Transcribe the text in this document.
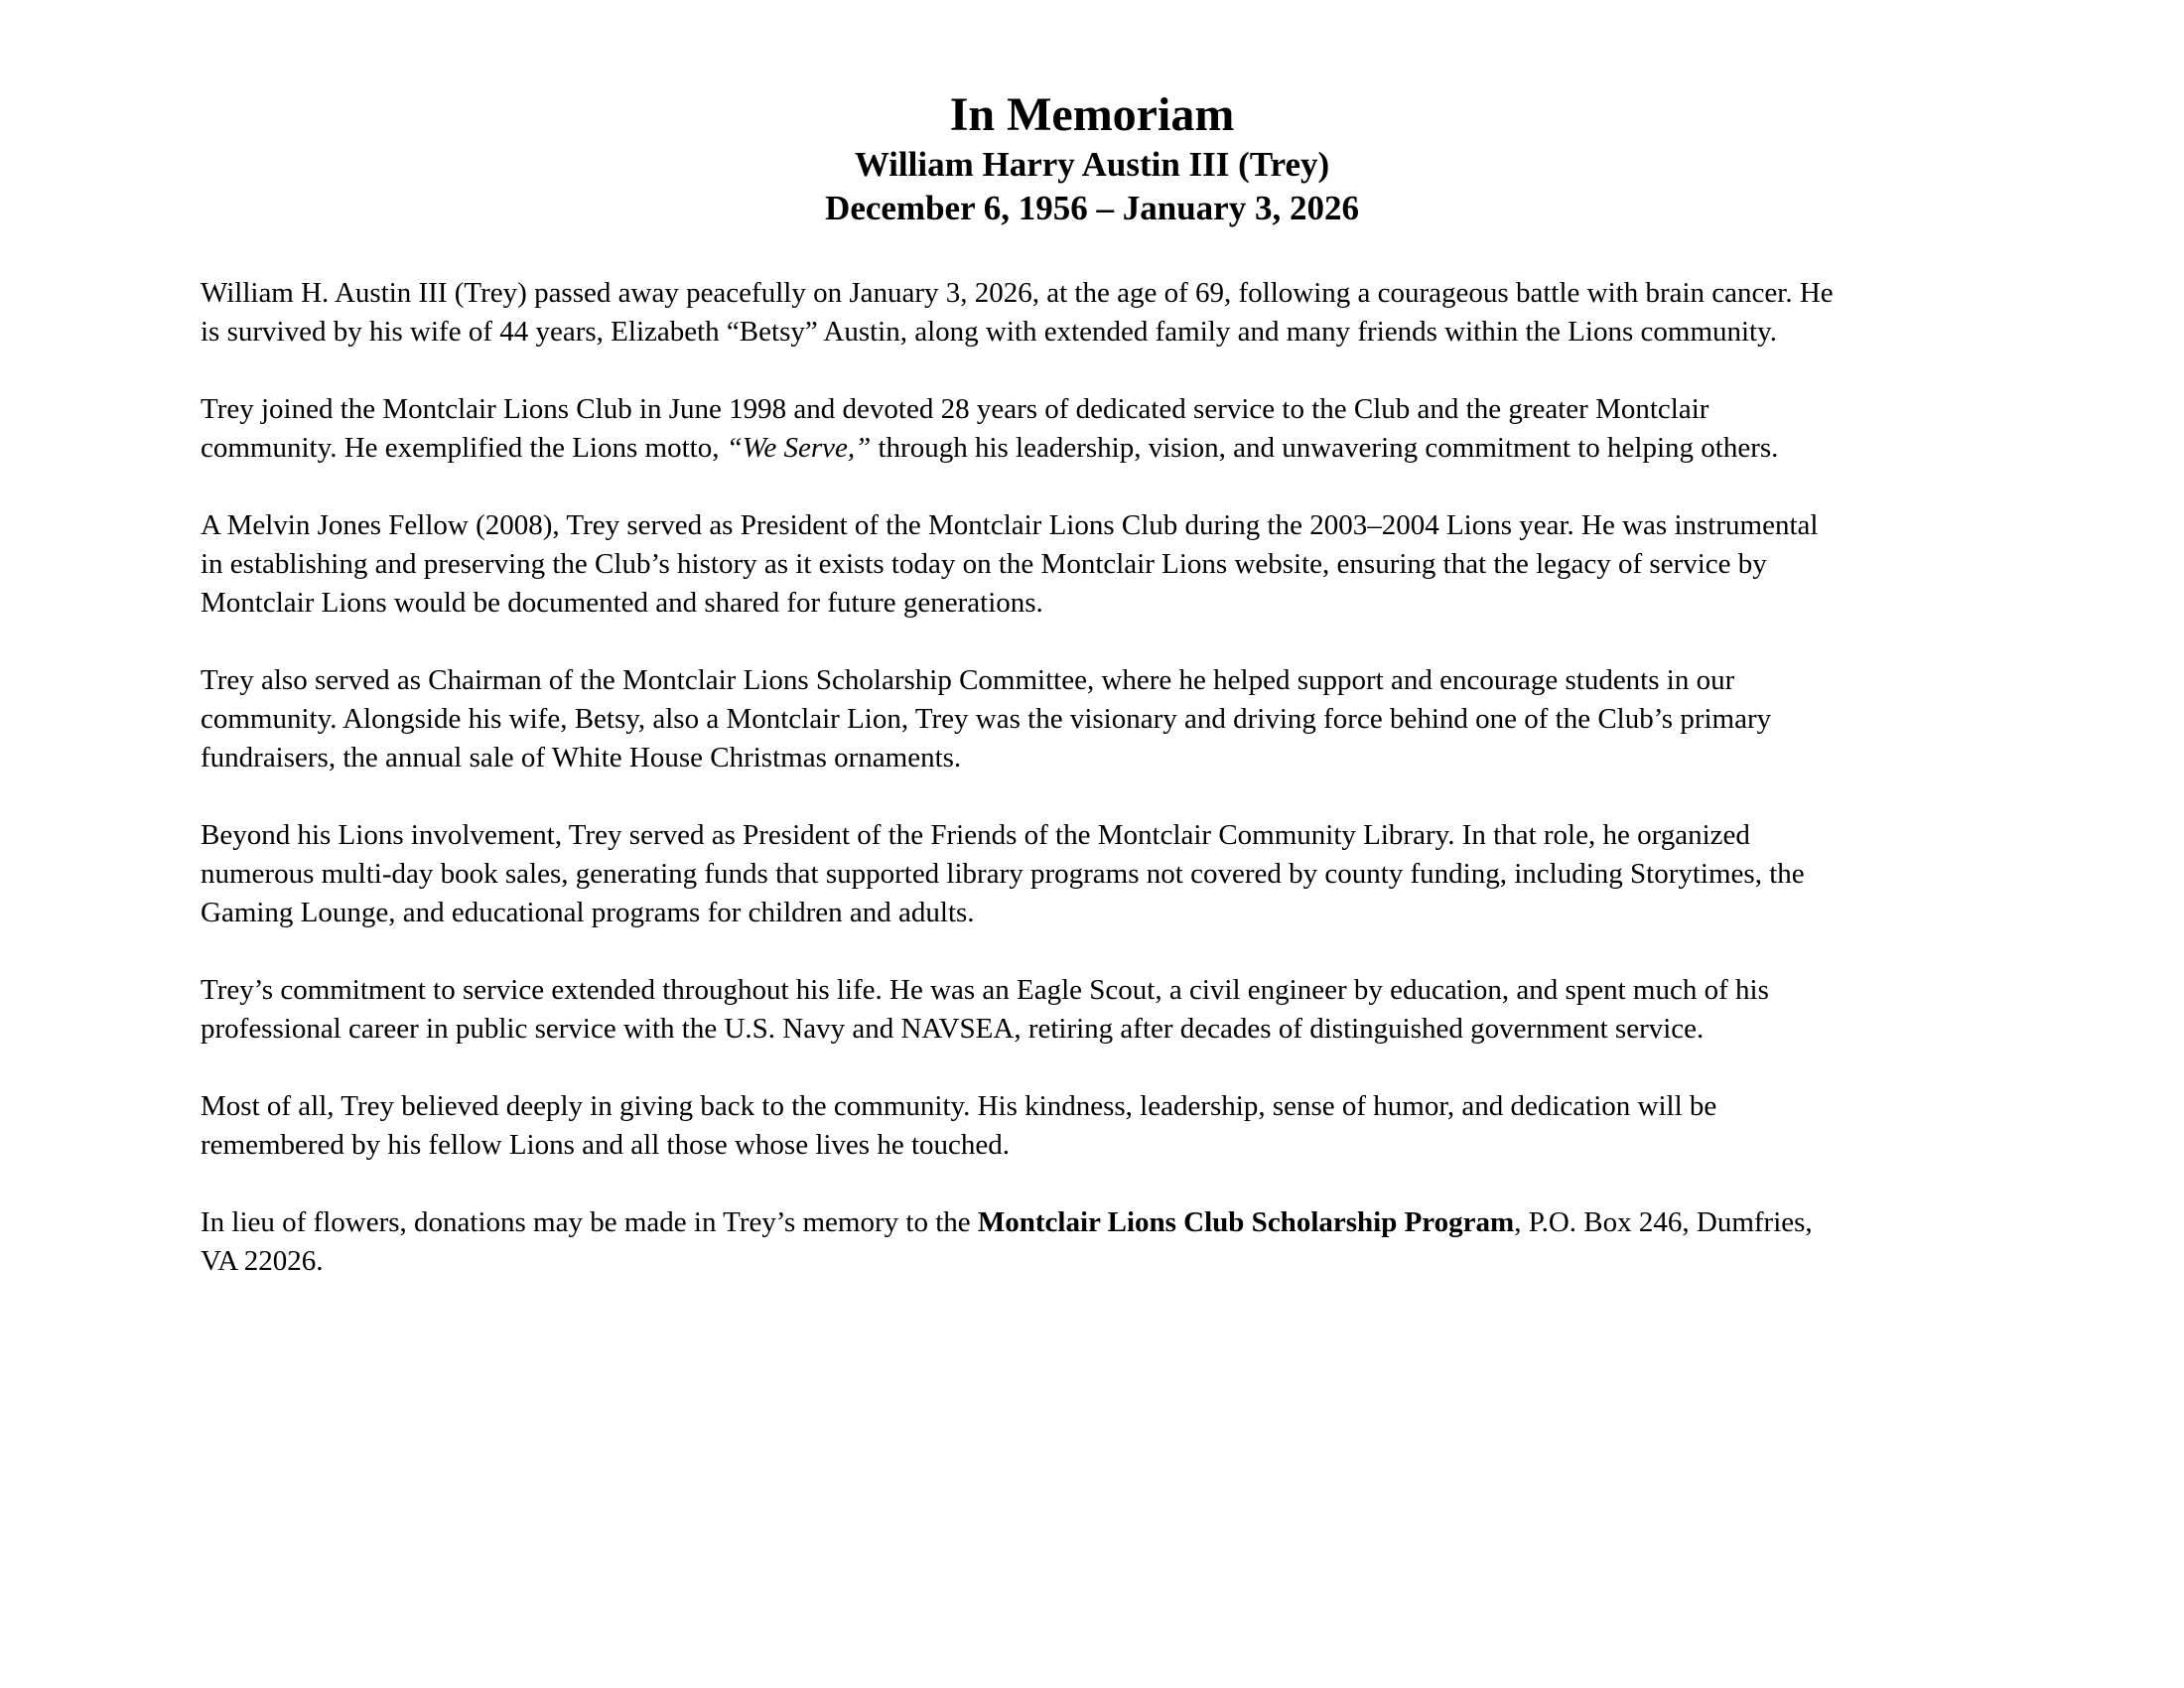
In Memoriam
William Harry Austin III (Trey)
December 6, 1956 – January 3, 2026

William H. Austin III (Trey) passed away peacefully on January 3, 2026, at the age of 69, following a courageous battle with brain cancer. He
is survived by his wife of 44 years, Elizabeth “Betsy” Austin, along with extended family and many friends within the Lions community.

Trey joined the Montclair Lions Club in June 1998 and devoted 28 years of dedicated service to the Club and the greater Montclair
community. He exemplified the Lions motto, “We Serve,” through his leadership, vision, and unwavering commitment to helping others.

A Melvin Jones Fellow (2008), Trey served as President of the Montclair Lions Club during the 2003–2004 Lions year. He was instrumental
in establishing and preserving the Club’s history as it exists today on the Montclair Lions website, ensuring that the legacy of service by
Montclair Lions would be documented and shared for future generations.

Trey also served as Chairman of the Montclair Lions Scholarship Committee, where he helped support and encourage students in our
community. Alongside his wife, Betsy, also a Montclair Lion, Trey was the visionary and driving force behind one of the Club’s primary
fundraisers, the annual sale of White House Christmas ornaments.

Beyond his Lions involvement, Trey served as President of the Friends of the Montclair Community Library. In that role, he organized
numerous multi-day book sales, generating funds that supported library programs not covered by county funding, including Storytimes, the
Gaming Lounge, and educational programs for children and adults.

Trey’s commitment to service extended throughout his life. He was an Eagle Scout, a civil engineer by education, and spent much of his
professional career in public service with the U.S. Navy and NAVSEA, retiring after decades of distinguished government service.

Most of all, Trey believed deeply in giving back to the community. His kindness, leadership, sense of humor, and dedication will be
remembered by his fellow Lions and all those whose lives he touched.

In lieu of flowers, donations may be made in Trey’s memory to the Montclair Lions Club Scholarship Program, P.O. Box 246, Dumfries,
VA 22026.
